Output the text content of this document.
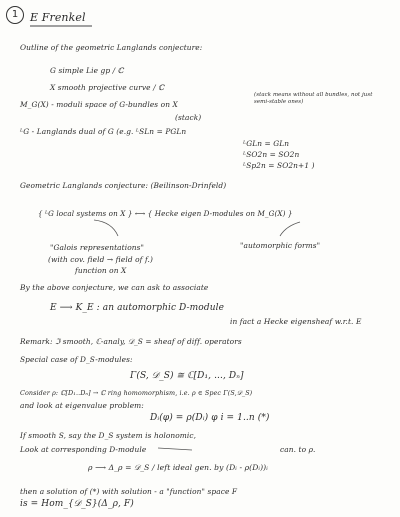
1	E Frenkel
Outline of the geometric Langlands conjecture:
G simple Lie gp / ℂ
X smooth projective curve / ℂ
M_G(X) - moduli space of G-bundles on X
(stack)
(stack means without all bundles, not just semi-stable ones)
ᴸG - Langlands dual of G (e.g. ᴸSLn = PGLn
ᴸGLn = GLn
ᴸSO2n = SO2n
ᴸSp2n = SO2n+1 )
Geometric Langlands conjecture: (Beilinson-Drinfeld)
{ ᴸG local systems on X } ⟷ { Hecke eigen D-modules on M_G(X) }
"Galois representations"	"automorphic forms"
(with cov. field → field of f.)
function on X
By the above conjecture, we can ask to associate
E ⟶ K_E : an automorphic D-module
in fact a Hecke eigensheaf w.r.t. E
Remark: ℑ smooth, ℂ-analy, 𝒟_S = sheaf of diff. operators
Special case of D_S-modules:
Γ(S, 𝒟_S) ≅ ℂ[D₁, ..., Dₙ]
Consider ρ: ℂ[D₁..Dₙ] → ℂ ring homomorphism, i.e. ρ ∈ Spec Γ(S,𝒟_S)
and look at eigenvalue problem:
Dᵢ(φ) = ρ(Dᵢ) φ i = 1..n (*)
If smooth S, say the D_S system is holonomic,
Look at corresponding D-module	can. to ρ.
ρ ⟶ Δ_ρ = 𝒟_S / left ideal gen. by (Dᵢ - ρ(Dᵢ))ᵢ
then a solution of (*) with solution - a "function" space F
is = Hom_{𝒟_S}(Δ_ρ, F)
